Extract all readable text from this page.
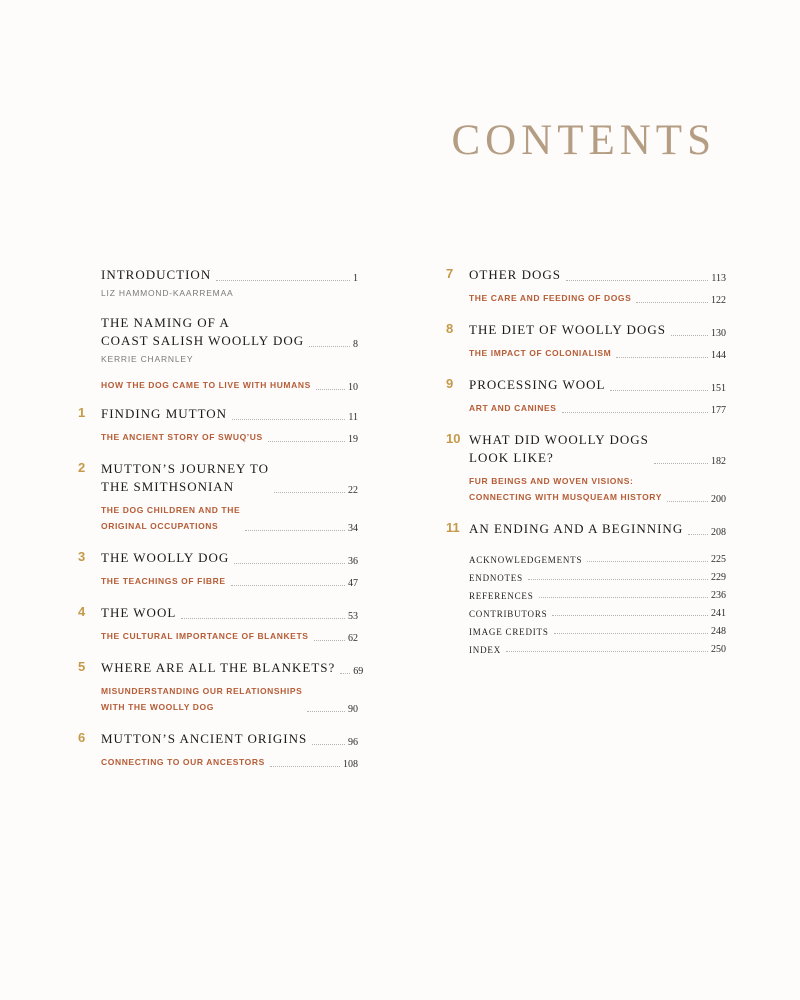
CONTENTS
INTRODUCTION	1
LIZ HAMMOND-KAARREMAA
THE NAMING OF A
COAST SALISH WOOLLY DOG	8
KERRIE CHARNLEY
HOW THE DOG CAME TO LIVE WITH HUMANS	10
1 FINDING MUTTON	11
THE ANCIENT STORY OF SWUQ’US	19
2 MUTTON’S JOURNEY TO
THE SMITHSONIAN	22
THE DOG CHILDREN AND THE
ORIGINAL OCCUPATIONS	34
3 THE WOOLLY DOG	36
THE TEACHINGS OF FIBRE	47
4 THE WOOL	53
THE CULTURAL IMPORTANCE OF BLANKETS	62
5 WHERE ARE ALL THE BLANKETS? 69
MISUNDERSTANDING OUR RELATIONSHIPS
WITH THE WOOLLY DOG	90
6 MUTTON’S ANCIENT ORIGINS	96
CONNECTING TO OUR ANCESTORS	108
7 OTHER DOGS	113
THE CARE AND FEEDING OF DOGS	122
8 THE DIET OF WOOLLY DOGS	130
THE IMPACT OF COLONIALISM	144
9 PROCESSING WOOL	151
ART AND CANINES	177
10 WHAT DID WOOLLY DOGS
LOOK LIKE?	182
FUR BEINGS AND WOVEN VISIONS:
CONNECTING WITH MUSQUEAM HISTORY	200
11 AN ENDING AND A BEGINNING	208
ACKNOWLEDGEMENTS	225
ENDNOTES	229
REFERENCES	236
CONTRIBUTORS	241
IMAGE CREDITS	248
INDEX	250
